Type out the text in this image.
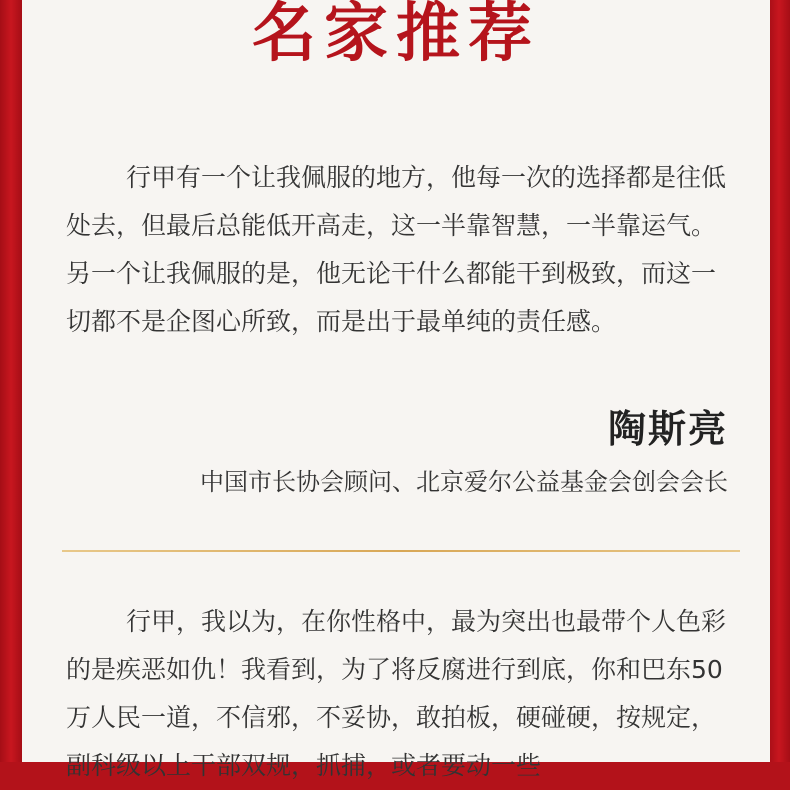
名家推荐

行甲有一个让我佩服的地方，他每一次的选择都是往低处去，但最后总能低开高走，这一半靠智慧，一半靠运气。另一个让我佩服的是，他无论干什么都能干到极致，而这一切都不是企图心所致，而是出于最单纯的责任感。

陶斯亮
中国市长协会顾问、北京爱尔公益基金会创会会长

行甲，我以为，在你性格中，最为突出也最带个人色彩的是疾恶如仇！我看到，为了将反腐进行到底，你和巴东50万人民一道，不信邪，不妥协，敢拍板，硬碰硬，按规定，副科级以上干部双规，抓捕，或者要动一些
